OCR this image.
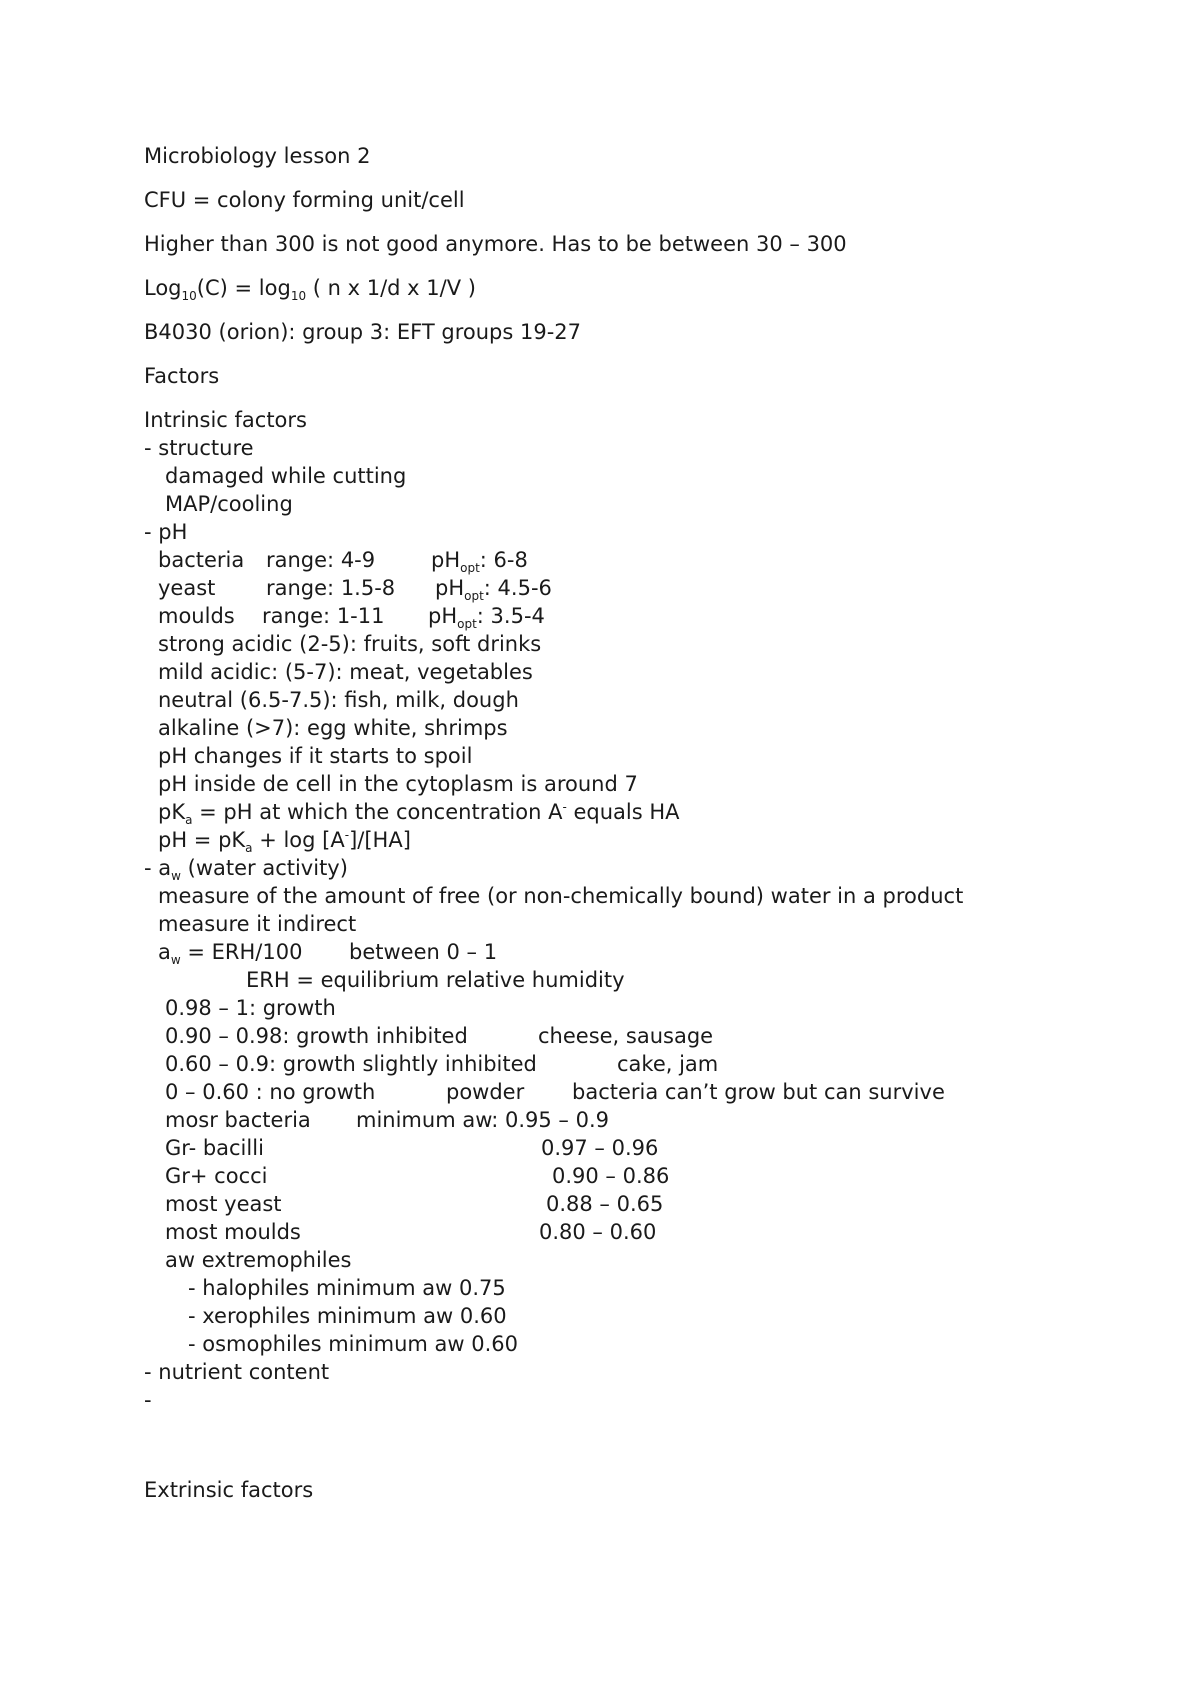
Microbiology lesson 2
CFU = colony forming unit/cell
Higher than 300 is not good anymore. Has to be between 30 – 300
$Log_{10}(C) = \log_{10}$ ( n x 1/d x 1/V )
B4030 (orion): group 3: EFT groups 19-27
Factors
Intrinsic factors
- structure
damaged while cutting
MAP/cooling
- pH
bacteria range: 4-9	$pH_{opt}$: 6-8
yeast range: 1.5-8 $pH_{opt}$: 4.5-6
moulds range: 1-11 $pH_{opt}$: 3.5-4
strong acidic (2-5): fruits, soft drinks
mild acidic: (5-7): meat, vegetables
neutral (6.5-7.5): fish, milk, dough
alkaline (>7): egg white, shrimps
pH changes if it starts to spoil
pH inside de cell in the cytoplasm is around 7
$pK_a$ = pH at which the concentration A- equals HA
pH = $pK_a + \log [A^-]/[HA]$
- $a_w$ (water activity)
measure of the amount of free (or non-chemically bound) water in a product
measure it indirect
$a_w = ERH/100$ between 0 – 1
ERH = equilibrium relative humidity
0.98 – 1: growth
0.90 – 0.98: growth inhibited	cheese, sausage
0.60 – 0.9: growth slightly inhibited	cake, jam
0 – 0.60 : no growth	powder bacteria can’t grow but can survive
mosr bacteria minimum aw: 0.95 – 0.9
Gr- bacilli	0.97 – 0.96
Gr+ cocci	0.90 – 0.86
most yeast	0.88 – 0.65
most moulds	0.80 – 0.60
aw extremophiles
- halophiles minimum aw 0.75
- xerophiles minimum aw 0.60
- osmophiles minimum aw 0.60
- nutrient content
-
Extrinsic factors
